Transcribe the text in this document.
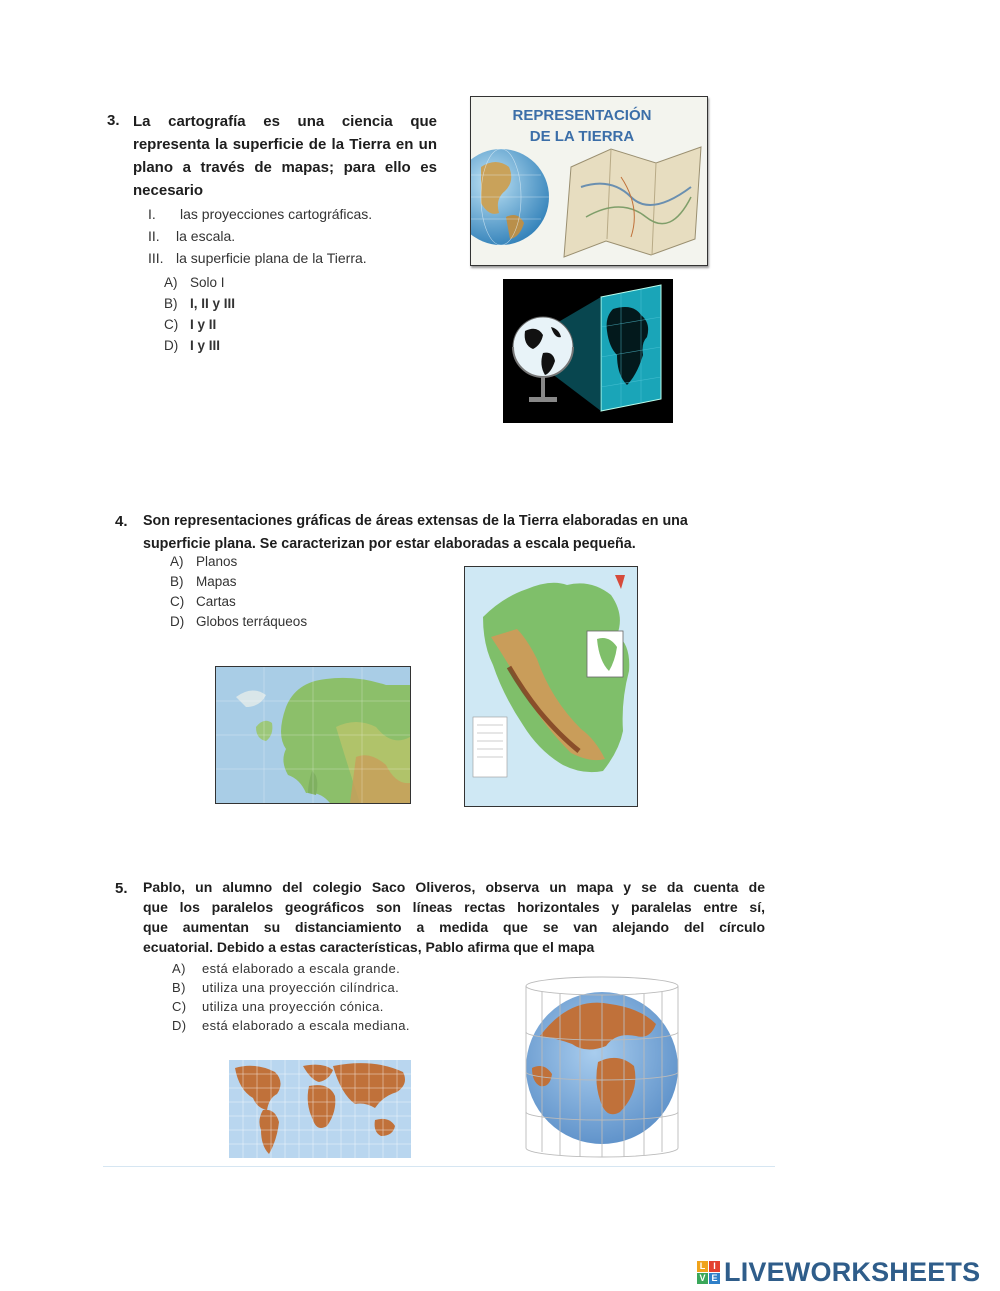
3. La cartografía es una ciencia que
representa la superficie de la Tierra en un
plano a través de mapas; para ello es
necesario
I. las proyecciones cartográficas.
II. la escala.
III. la superficie plana de la Tierra.
A) Solo I
B) I, II y III
C) I y II
D) I y III
REPRESENTACIÓN
DE LA TIERRA
4. Son representaciones gráficas de áreas extensas de la Tierra elaboradas en una
superficie plana. Se caracterizan por estar elaboradas a escala pequeña.
A) Planos
B) Mapas
C) Cartas
D) Globos terráqueos
5. Pablo, un alumno del colegio Saco Oliveros, observa un mapa y se da cuenta de
que los paralelos geográficos son líneas rectas horizontales y paralelas entre sí,
que aumentan su distanciamiento a medida que se van alejando del círculo
ecuatorial. Debido a estas características, Pablo afirma que el mapa
A) está elaborado a escala grande.
B) utiliza una proyección cilíndrica.
C) utiliza una proyección cónica.
D) está elaborado a escala mediana.
L I
V E LIVEWORKSHEETS
